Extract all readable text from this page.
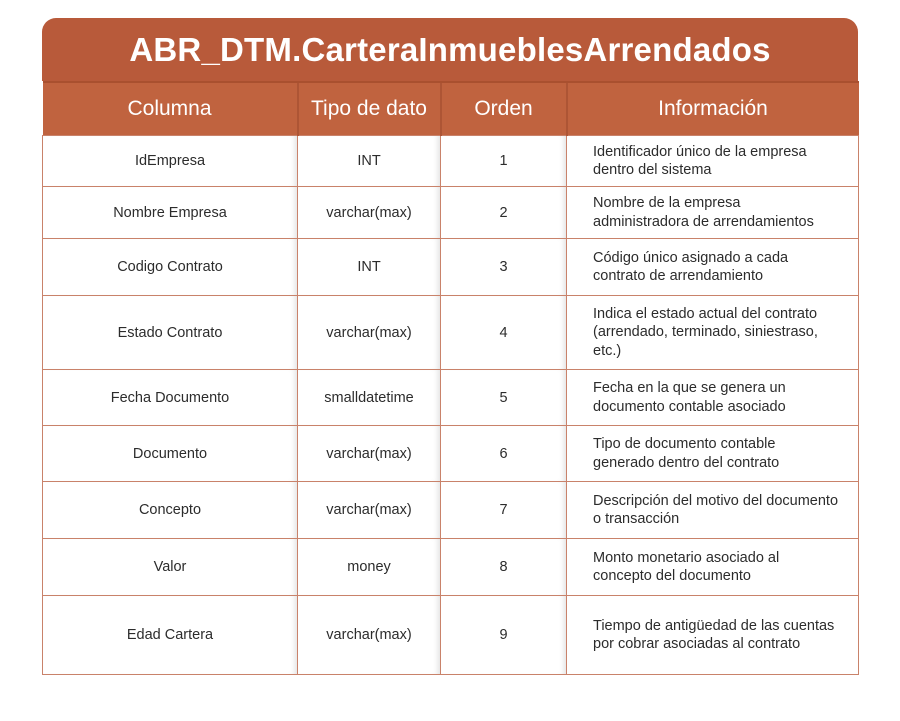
ABR_DTM.CarteraInmueblesArrendados
Columna	Tipo de dato	Orden	Información
IdEmpresa	INT	1	Identificador único de la empresa dentro del sistema
Nombre Empresa	varchar(max)	2	Nombre de la empresa administradora de arrendamientos
Codigo Contrato	INT	3	Código único asignado a cada contrato de arrendamiento
Estado Contrato	varchar(max)	4	Indica el estado actual del contrato (arrendado, terminado, siniestraso, etc.)
Fecha Documento	smalldatetime	5	Fecha en la que se genera un documento contable asociado
Documento	varchar(max)	6	Tipo de documento contable generado dentro del contrato
Concepto	varchar(max)	7	Descripción del motivo del documento o transacción
Valor	money	8	Monto monetario asociado al concepto del documento
Edad Cartera	varchar(max)	9	Tiempo de antigüedad de las cuentas por cobrar asociadas al contrato
